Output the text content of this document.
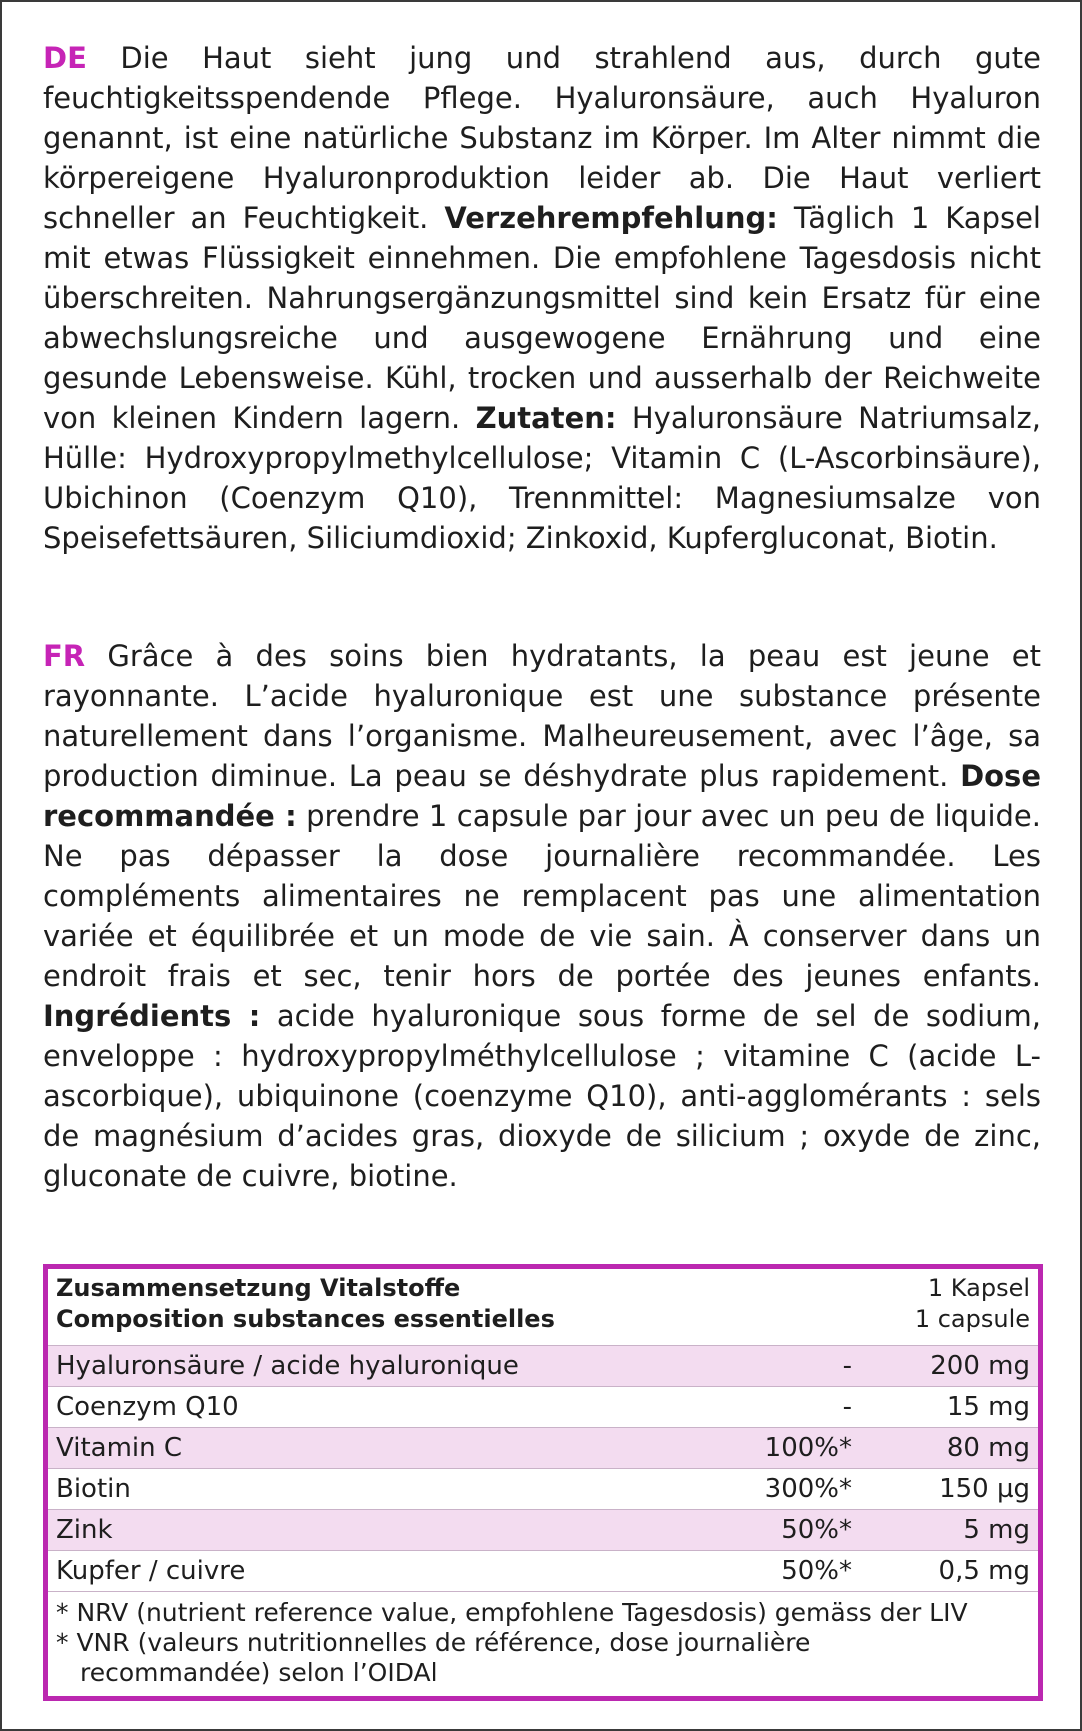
DE Die Haut sieht jung und strahlend aus, durch gute feuchtigkeitsspendende Pflege. Hyaluronsäure, auch Hyaluron genannt, ist eine natürliche Substanz im Körper. Im Alter nimmt die körpereigene Hyaluronproduktion leider ab. Die Haut verliert schneller an Feuchtigkeit. Verzehrempfehlung: Täglich 1 Kapsel mit etwas Flüssigkeit einnehmen. Die empfohlene Tagesdosis nicht überschreiten. Nahrungsergänzungsmittel sind kein Ersatz für eine abwechslungsreiche und ausgewogene Ernährung und eine gesunde Lebensweise. Kühl, trocken und ausserhalb der Reichweite von kleinen Kindern lagern. Zutaten: Hyaluronsäure Natriumsalz, Hülle: Hydroxypropylmethylcellulose; Vitamin C (L-Ascorbinsäure), Ubichinon (Coenzym Q10), Trennmittel: Magnesiumsalze von Speisefettsäuren, Siliciumdioxid; Zinkoxid, Kupfergluconat, Biotin.
FR Grâce à des soins bien hydratants, la peau est jeune et rayonnante. L’acide hyaluronique est une substance présente naturellement dans l’organisme. Malheureusement, avec l’âge, sa production diminue. La peau se déshydrate plus rapidement. Dose recommandée : prendre 1 capsule par jour avec un peu de liquide. Ne pas dépasser la dose journalière recommandée. Les compléments alimentaires ne remplacent pas une alimentation variée et équilibrée et un mode de vie sain. À conserver dans un endroit frais et sec, tenir hors de portée des jeunes enfants. Ingrédients : acide hyaluronique sous forme de sel de sodium, enveloppe : hydroxypropylméthylcellulose ; vitamine C (acide L-ascorbique), ubiquinone (coenzyme Q10), anti-agglomérants : sels de magnésium d’acides gras, dioxyde de silicium ; oxyde de zinc, gluconate de cuivre, biotine.
Zusammensetzung Vitalstoffe
Composition substances essentielles
1 Kapsel
1 capsule
Hyaluronsäure / acide hyaluronique	-	200 mg
Coenzym Q10	-	15 mg
Vitamin C	100%*	80 mg
Biotin	300%*	150 µg
Zink	50%*	5 mg
Kupfer / cuivre	50%*	0,5 mg
* NRV (nutrient reference value, empfohlene Tagesdosis) gemäss der LIV
* VNR (valeurs nutritionnelles de référence, dose journalière
recommandée) selon l’OIDAl
